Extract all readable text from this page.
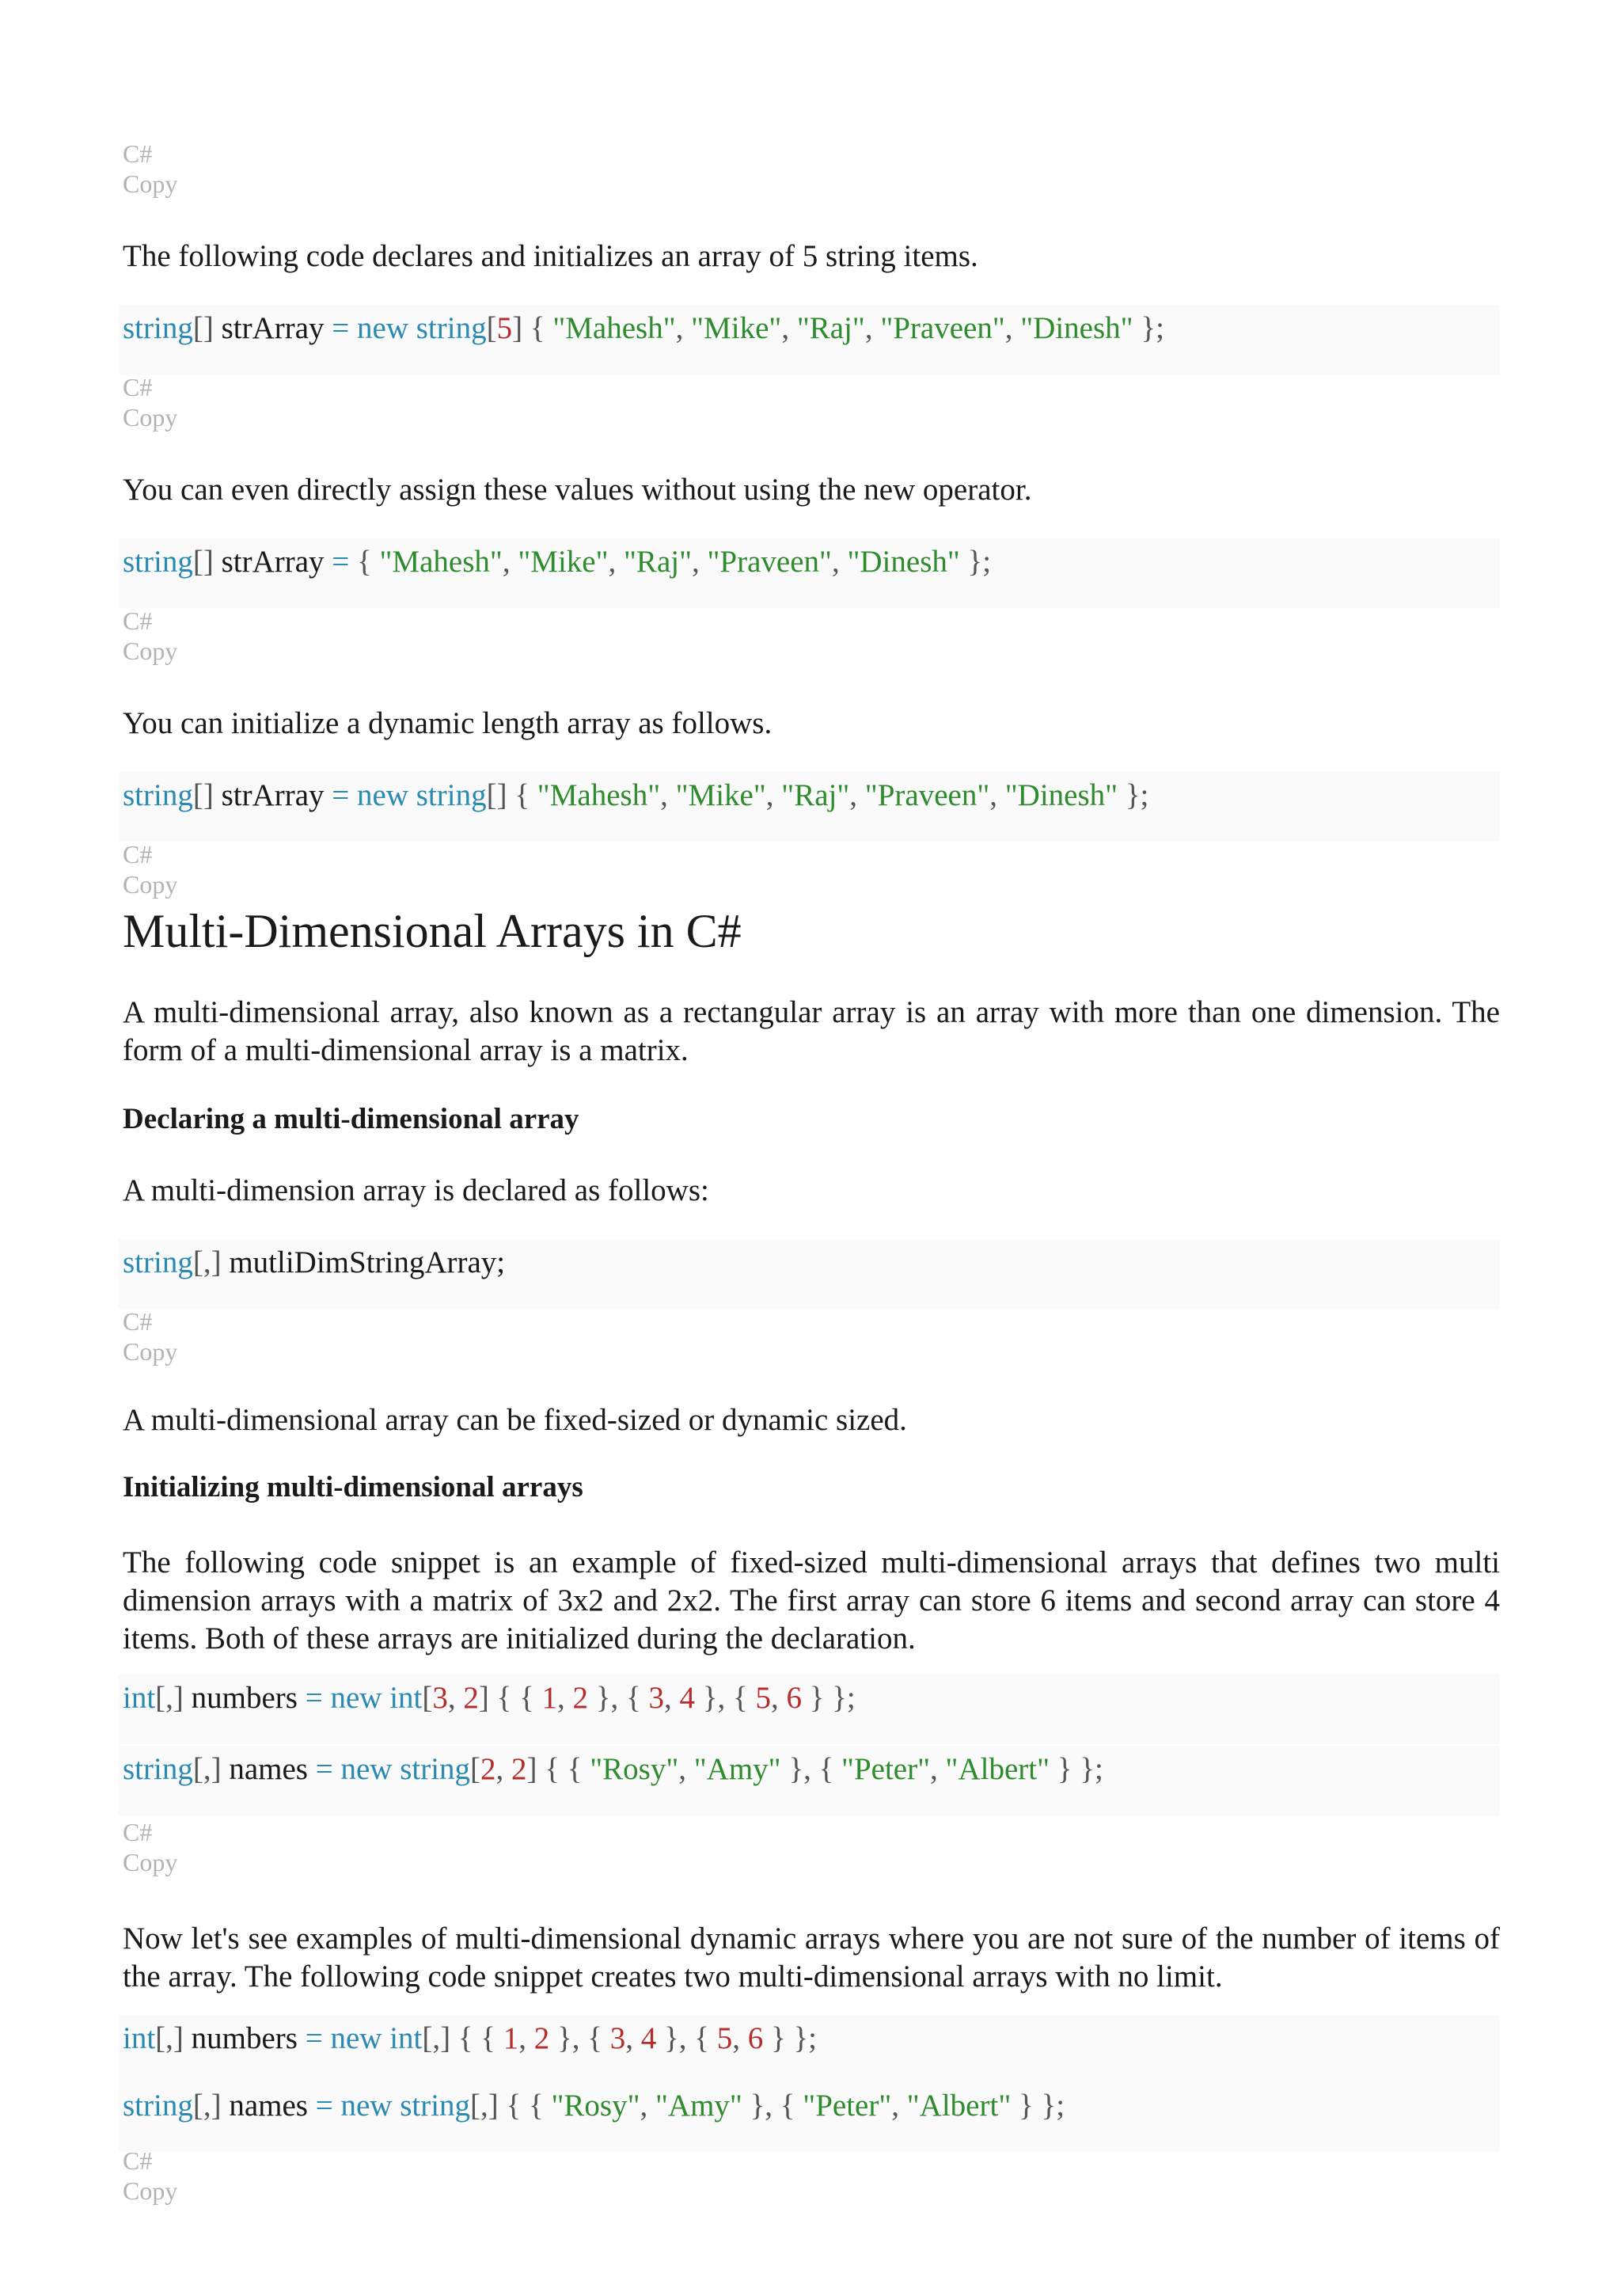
C#
Copy
The following code declares and initializes an array of 5 string items.
string[] strArray = new string[5] { "Mahesh", "Mike", "Raj", "Praveen", "Dinesh" };
C#
Copy
You can even directly assign these values without using the new operator.
string[] strArray = { "Mahesh", "Mike", "Raj", "Praveen", "Dinesh" };
C#
Copy
You can initialize a dynamic length array as follows.
string[] strArray = new string[] { "Mahesh", "Mike", "Raj", "Praveen", "Dinesh" };
C#
Copy
Multi-Dimensional Arrays in C#
A multi-dimensional array, also known as a rectangular array is an array with more than one dimension. The form of a multi-dimensional array is a matrix.
Declaring a multi-dimensional array
A multi-dimension array is declared as follows:
string[,] mutliDimStringArray;
C#
Copy
A multi-dimensional array can be fixed-sized or dynamic sized.
Initializing multi-dimensional arrays
The following code snippet is an example of fixed-sized multi-dimensional arrays that defines two multi dimension arrays with a matrix of 3x2 and 2x2. The first array can store 6 items and second array can store 4 items. Both of these arrays are initialized during the declaration.
int[,] numbers = new int[3, 2] { { 1, 2 }, { 3, 4 }, { 5, 6 } };
string[,] names = new string[2, 2] { { "Rosy", "Amy" }, { "Peter", "Albert" } };
C#
Copy
Now let's see examples of multi-dimensional dynamic arrays where you are not sure of the number of items of the array. The following code snippet creates two multi-dimensional arrays with no limit.
int[,] numbers = new int[,] { { 1, 2 }, { 3, 4 }, { 5, 6 } };
string[,] names = new string[,] { { "Rosy", "Amy" }, { "Peter", "Albert" } };
C#
Copy
